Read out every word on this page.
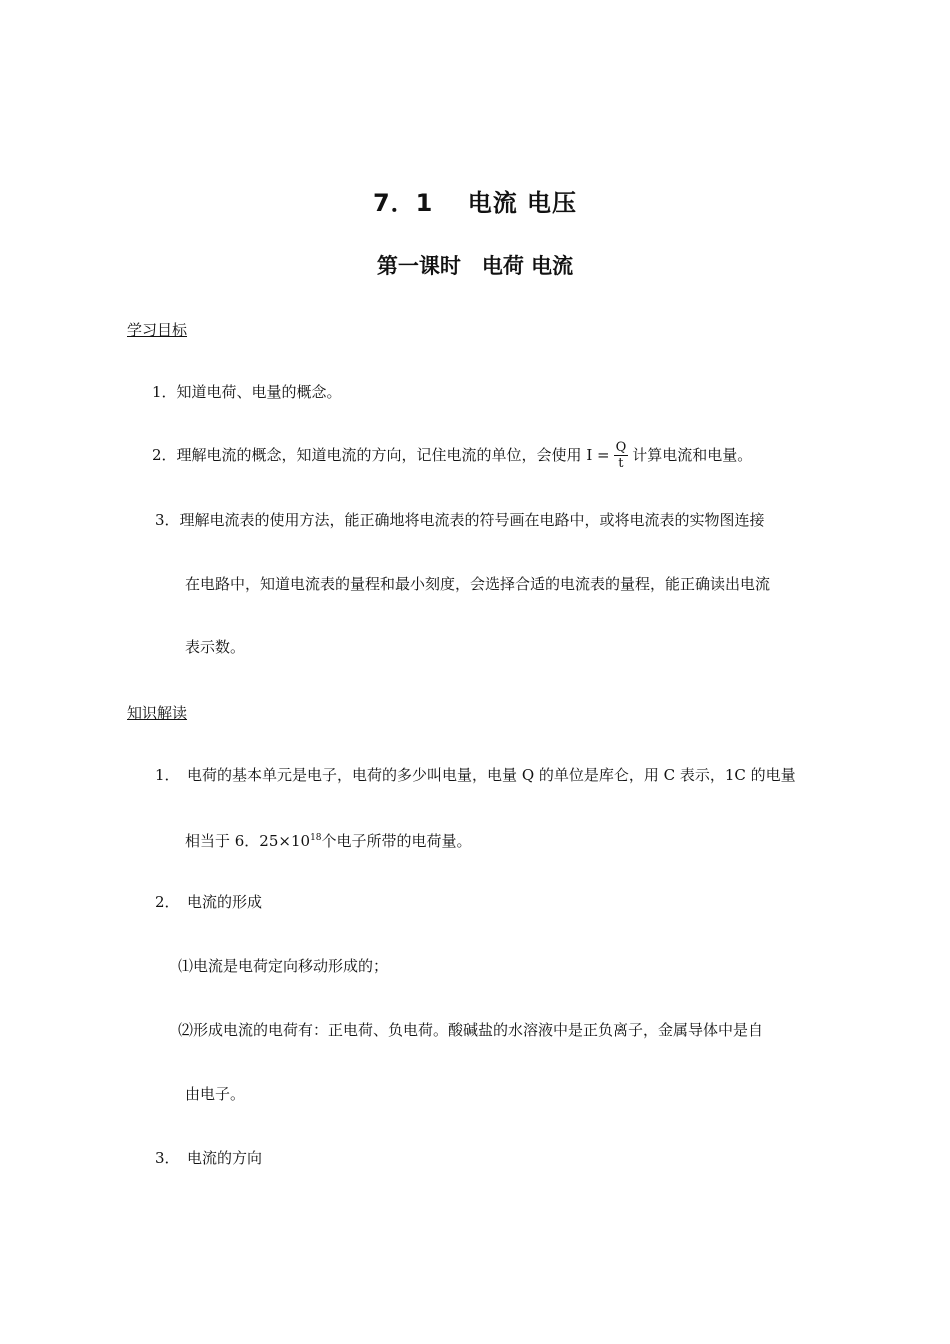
7．1　 电流 电压
第一课时　电荷 电流
学习目标
1．知道电荷、电量的概念。
2．理解电流的概念，知道电流的方向，记住电流的单位，会使用 $I = \frac{Q}{t}$ 计算电流和电量。
3．理解电流表的使用方法，能正确地将电流表的符号画在电路中，或将电流表的实物图连接
在电路中，知道电流表的量程和最小刻度，会选择合适的电流表的量程，能正确读出电流
表示数。
知识解读
1．　电荷的基本单元是电子，电荷的多少叫电量，电量 Q 的单位是库仑，用 C 表示，1C 的电量
相当于 6．$25\times 10^{18}$个电子所带的电荷量。
2．　电流的形成
⑴电流是电荷定向移动形成的；
⑵形成电流的电荷有：正电荷、负电荷。酸碱盐的水溶液中是正负离子，金属导体中是自
由电子。
3．　电流的方向
